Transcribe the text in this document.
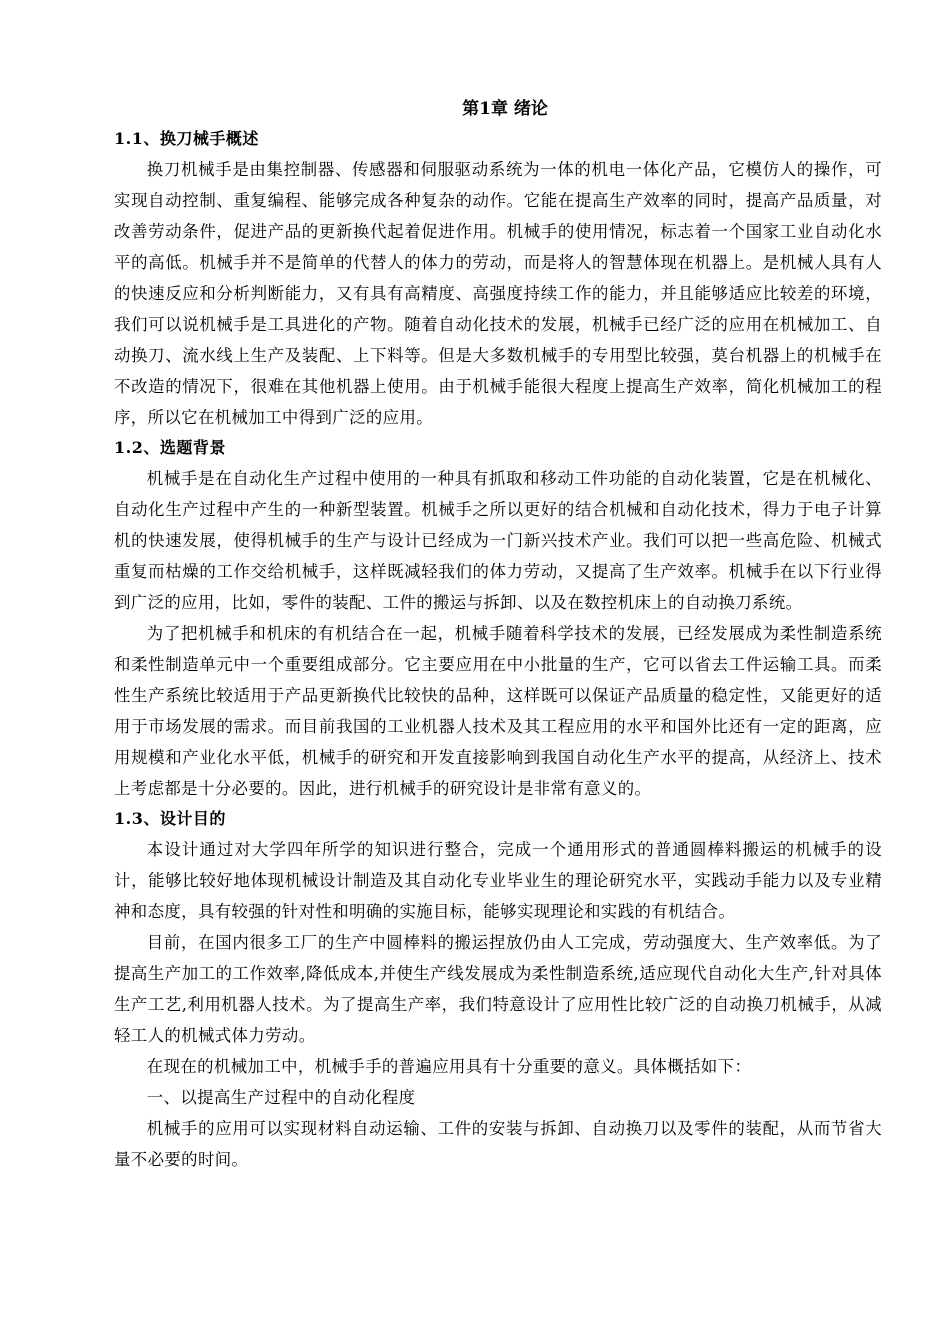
第1章 绪论
1.1、换刀械手概述

换刀机械手是由集控制器、传感器和伺服驱动系统为一体的机电一体化产品，它模仿人的操作，可实现自动控制、重复编程、能够完成各种复杂的动作。它能在提高生产效率的同时，提高产品质量，对改善劳动条件，促进产品的更新换代起着促进作用。机械手的使用情况，标志着一个国家工业自动化水平的高低。机械手并不是简单的代替人的体力的劳动，而是将人的智慧体现在机器上。是机械人具有人的快速反应和分析判断能力，又有具有高精度、高强度持续工作的能力，并且能够适应比较差的环境，我们可以说机械手是工具进化的产物。随着自动化技术的发展，机械手已经广泛的应用在机械加工、自动换刀、流水线上生产及装配、上下料等。但是大多数机械手的专用型比较强，莫台机器上的机械手在不改造的情况下，很难在其他机器上使用。由于机械手能很大程度上提高生产效率，简化机械加工的程序，所以它在机械加工中得到广泛的应用。

1.2、选题背景

机械手是在自动化生产过程中使用的一种具有抓取和移动工件功能的自动化装置，它是在机械化、自动化生产过程中产生的一种新型装置。机械手之所以更好的结合机械和自动化技术，得力于电子计算机的快速发展，使得机械手的生产与设计已经成为一门新兴技术产业。我们可以把一些高危险、机械式重复而枯燥的工作交给机械手，这样既减轻我们的体力劳动，又提高了生产效率。机械手在以下行业得到广泛的应用，比如，零件的装配、工件的搬运与拆卸、以及在数控机床上的自动换刀系统。

为了把机械手和机床的有机结合在一起，机械手随着科学技术的发展，已经发展成为柔性制造系统和柔性制造单元中一个重要组成部分。它主要应用在中小批量的生产，它可以省去工件运输工具。而柔性生产系统比较适用于产品更新换代比较快的品种，这样既可以保证产品质量的稳定性，又能更好的适用于市场发展的需求。而目前我国的工业机器人技术及其工程应用的水平和国外比还有一定的距离，应用规模和产业化水平低，机械手的研究和开发直接影响到我国自动化生产水平的提高，从经济上、技术上考虑都是十分必要的。因此，进行机械手的研究设计是非常有意义的。

1.3、设计目的

本设计通过对大学四年所学的知识进行整合，完成一个通用形式的普通圆棒料搬运的机械手的设计，能够比较好地体现机械设计制造及其自动化专业毕业生的理论研究水平，实践动手能力以及专业精神和态度，具有较强的针对性和明确的实施目标，能够实现理论和实践的有机结合。

目前，在国内很多工厂的生产中圆棒料的搬运捏放仍由人工完成，劳动强度大、生产效率低。为了提高生产加工的工作效率,降低成本,并使生产线发展成为柔性制造系统,适应现代自动化大生产,针对具体生产工艺,利用机器人技术。为了提高生产率，我们特意设计了应用性比较广泛的自动换刀机械手，从减轻工人的机械式体力劳动。

在现在的机械加工中，机械手手的普遍应用具有十分重要的意义。具体概括如下：

一、以提高生产过程中的自动化程度

机械手的应用可以实现材料自动运输、工件的安装与拆卸、自动换刀以及零件的装配，从而节省大量不必要的时间。
